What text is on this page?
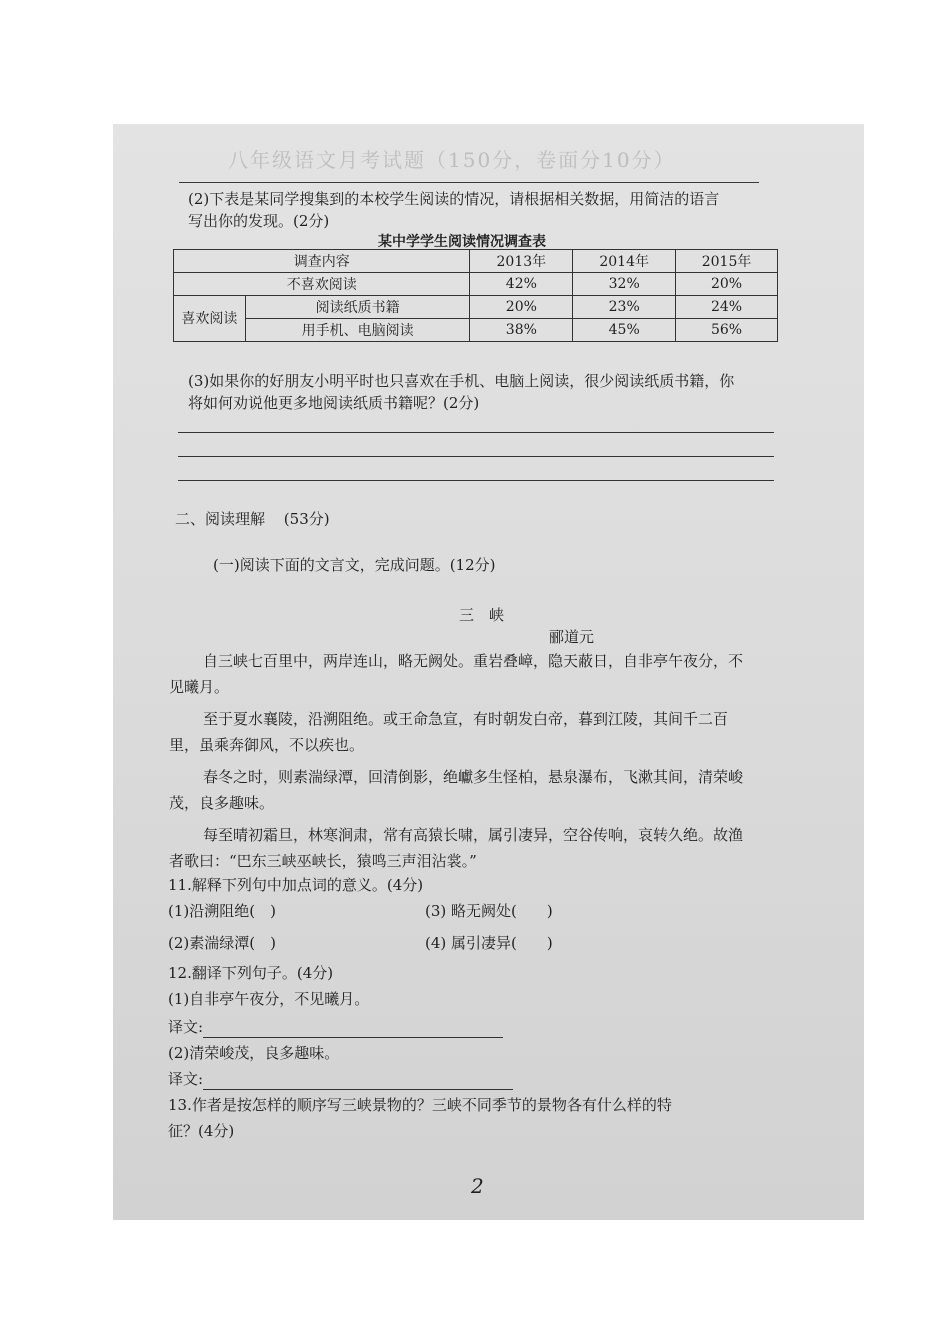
八年级语文月考试题（150分，卷面分10分）
(2)下表是某同学搜集到的本校学生阅读的情况，请根据相关数据，用简洁的语言
写出你的发现。(2分)
某中学学生阅读情况调查表
调查内容		2013年	2014年	2015年
不喜欢阅读		42%	32%	20%
喜欢阅读	阅读纸质书籍	20%	23%	24%
	用手机、电脑阅读	38%	45%	56%
(3)如果你的好朋友小明平时也只喜欢在手机、电脑上阅读，很少阅读纸质书籍，你
将如何劝说他更多地阅读纸质书籍呢？(2分)
二、阅读理解 (53分)
(一)阅读下面的文言文，完成问题。(12分)
三　峡
郦道元
自三峡七百里中，两岸连山，略无阙处。重岩叠嶂，隐天蔽日，自非亭午夜分，不
见曦月。
至于夏水襄陵，沿溯阻绝。或王命急宣，有时朝发白帝，暮到江陵，其间千二百
里，虽乘奔御风，不以疾也。
春冬之时，则素湍绿潭，回清倒影，绝巘多生怪柏，悬泉瀑布，飞漱其间，清荣峻
茂，良多趣味。
每至晴初霜旦，林寒涧肃，常有高猿长啸，属引凄异，空谷传响，哀转久绝。故渔
者歌曰：“巴东三峡巫峡长，猿鸣三声泪沾裳。”
11.解释下列句中加点词的意义。(4分)
(1)沿溯阻绝(　)	(3) 略无阙处(　　)
(2)素湍绿潭(　)	(4) 属引凄异(　　)
12.翻译下列句子。(4分)
(1)自非亭午夜分，不见曦月。
译文:
(2)清荣峻茂，良多趣味。
译文:
13.作者是按怎样的顺序写三峡景物的？三峡不同季节的景物各有什么样的特
征？(4分)
2
